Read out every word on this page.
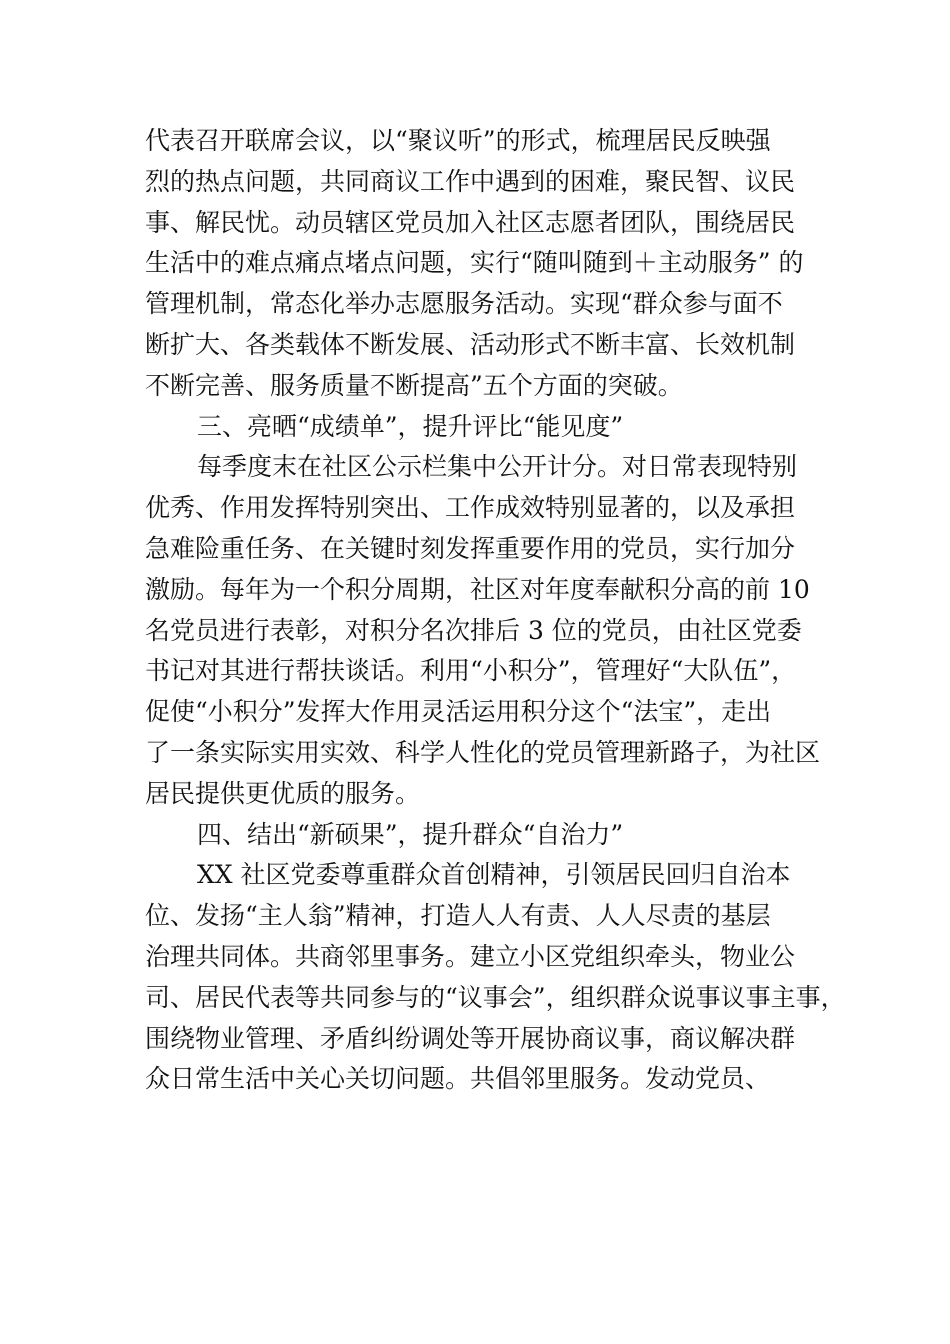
代表召开联席会议，以“聚议听”的形式，梳理居民反映强
烈的热点问题，共同商议工作中遇到的困难，聚民智、议民
事、解民忧。动员辖区党员加入社区志愿者团队，围绕居民
生活中的难点痛点堵点问题，实行“随叫随到＋主动服务” 的
管理机制，常态化举办志愿服务活动。实现“群众参与面不
断扩大、各类载体不断发展、活动形式不断丰富、长效机制
不断完善、服务质量不断提高”五个方面的突破。
三、亮晒“成绩单”，提升评比“能见度”
每季度末在社区公示栏集中公开计分。对日常表现特别
优秀、作用发挥特别突出、工作成效特别显著的，以及承担
急难险重任务、在关键时刻发挥重要作用的党员，实行加分
激励。每年为一个积分周期，社区对年度奉献积分高的前 10
名党员进行表彰，对积分名次排后 3 位的党员，由社区党委
书记对其进行帮扶谈话。利用“小积分”，管理好“大队伍”，
促使“小积分”发挥大作用灵活运用积分这个“法宝”，走出
了一条实际实用实效、科学人性化的党员管理新路子，为社区
居民提供更优质的服务。
四、结出“新硕果”，提升群众“自治力”
XX 社区党委尊重群众首创精神，引领居民回归自治本
位、发扬“主人翁”精神，打造人人有责、人人尽责的基层
治理共同体。共商邻里事务。建立小区党组织牵头，物业公
司、居民代表等共同参与的“议事会”，组织群众说事议事主事，
围绕物业管理、矛盾纠纷调处等开展协商议事，商议解决群
众日常生活中关心关切问题。共倡邻里服务。发动党员、
